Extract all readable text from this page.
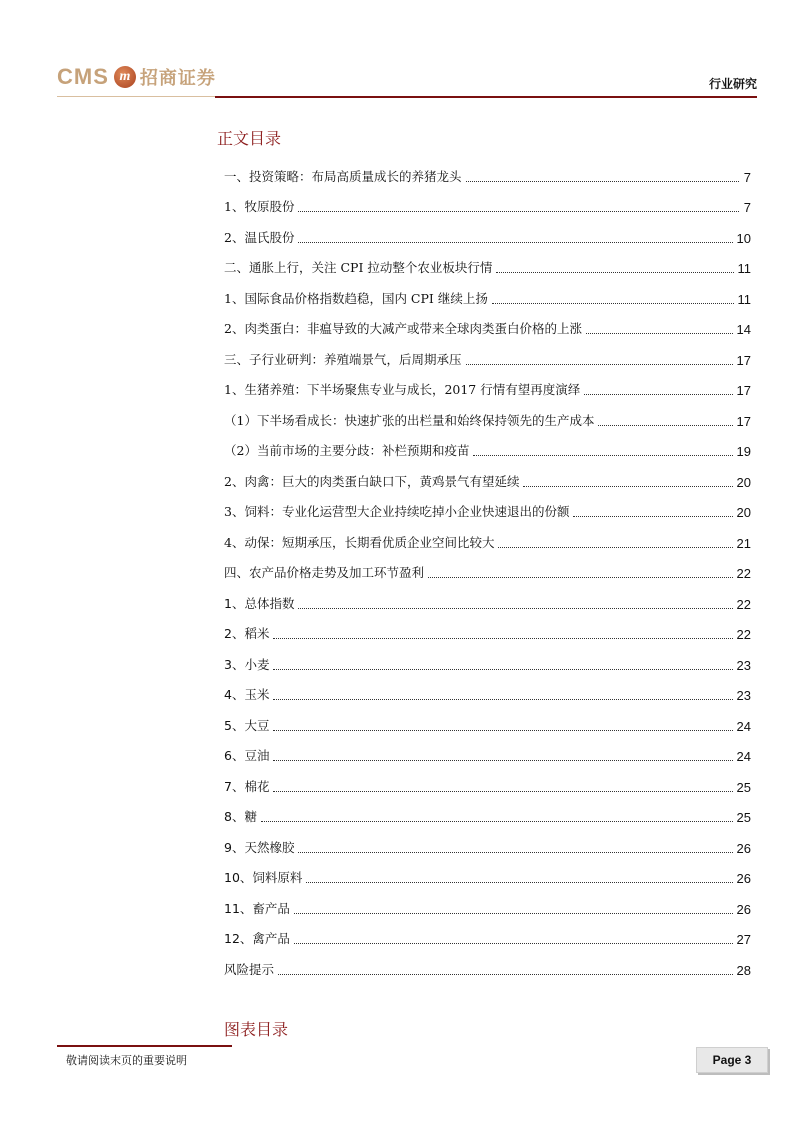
CMS m 招商证券	行业研究
正文目录
一、投资策略：布局高质量成长的养猪龙头	7
1、牧原股份	7
2、温氏股份	10
二、通胀上行，关注 CPI 拉动整个农业板块行情	11
1、国际食品价格指数趋稳，国内 CPI 继续上扬	11
2、肉类蛋白：非瘟导致的大减产或带来全球肉类蛋白价格的上涨	14
三、子行业研判：养殖端景气，后周期承压	17
1、生猪养殖：下半场聚焦专业与成长，2017 行情有望再度演绎	17
（1）下半场看成长：快速扩张的出栏量和始终保持领先的生产成本	17
（2）当前市场的主要分歧：补栏预期和疫苗	19
2、肉禽：巨大的肉类蛋白缺口下，黄鸡景气有望延续	20
3、饲料：专业化运营型大企业持续吃掉小企业快速退出的份额	20
4、动保：短期承压，长期看优质企业空间比较大	21
四、农产品价格走势及加工环节盈利	22
1、总体指数	22
2、稻米	22
3、小麦	23
4、玉米	23
5、大豆	24
6、豆油	24
7、棉花	25
8、糖	25
9、天然橡胶	26
10、饲料原料	26
11、畜产品	26
12、禽产品	27
风险提示	28
图表目录
敬请阅读末页的重要说明	Page 3
